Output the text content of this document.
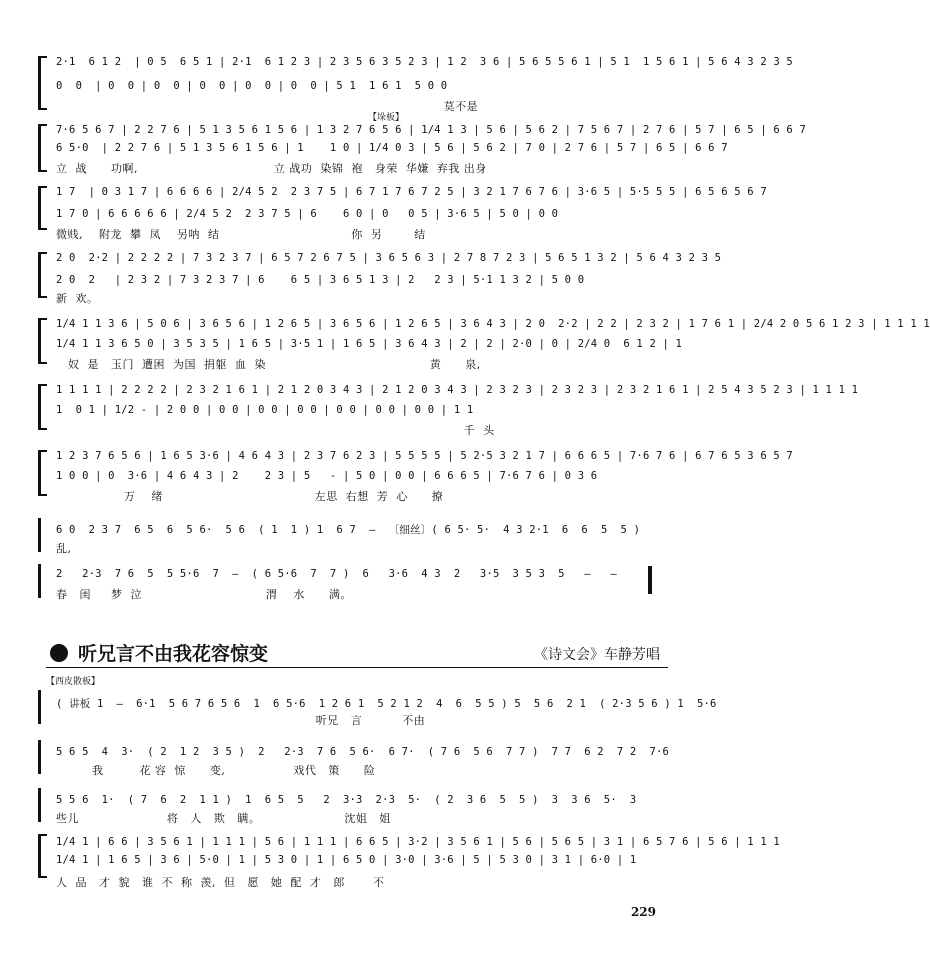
2·1  6 1 2  | 0 5  6 5 1 | 2·1  6 1 2 3 | 2 3 5 6 3 5 2 3 | 1 2  3 6 | 5 6 5 5 6 1 | 5 1  1 5 6 1 | 5 6 4 3 2 3 5
0  0  | 0  0 | 0  0 | 0  0 | 0  0 | 0  0 | 5 1  1 6 1  5 0 0
莫不是
【垛板】
7·6 5 6 7 | 2 2 7 6 | 5 1 3 5 6 1 5 6 | 1 3 2 7 6 5 6 | 1/4 1 3 | 5 6 | 5 6 2 | 7 5 6 7 | 2 7 6 | 5 7 | 6 5 | 6 6 7
6 5·0  | 2 2 7 6 | 5 1 3 5 6 1 5 6 | 1    1 0 | 1/4 0 3 | 5 6 | 5 6 2 | 7 0 | 2 7 6 | 5 7 | 6 5 | 6 6 7
立  战      功啊,                                  立 战功  染锦  袍   身荣  华嫌  弃我 出身
1 7  | 0 3 1 7 | 6 6 6 6 | 2/4 5 2  2 3 7 5 | 6 7 1 7 6 7 2 5 | 3 2 1 7 6 7 6 | 3·6 5 | 5·5 5 5 | 6 5 6 5 6 7
1 7 0 | 6 6 6 6 6 | 2/4 5 2  2 3 7 5 | 6    6 0 | 0   0 5 | 3·6 5 | 5 0 | 0 0
微贱,    附龙  攀  凤    另呐  结                                 你  另        结
2 0  2·2 | 2 2 2 2 | 7 3 2 3 7 | 6 5 7 2 6 7 5 | 3 6 5 6 3 | 2 7 8 7 2 3 | 5 6 5 1 3 2 | 5 6 4 3 2 3 5
2 0  2   | 2 3 2 | 7 3 2 3 7 | 6    6 5 | 3 6 5 1 3 | 2   2 3 | 5·1 1 3 2 | 5 0 0
新  欢。
1/4 1 1 3 6 | 5 0 6 | 3 6 5 6 | 1 2 6 5 | 3 6 5 6 | 1 2 6 5 | 3 6 4 3 | 2 0  2·2 | 2 2 | 2 3 2 | 1 7 6 1 | 2/4 2 0 5 6 1 2 3 | 1 1 1 1
1/4 1 1 3 6 5 0 | 3 5 3 5 | 1 6 5 | 3·5 1 | 1 6 5 | 3 6 4 3 | 2 | 2 | 2·0 | 0 | 2/4 0  6 1 2 | 1
奴  是   玉门  遭困  为国  捐躯  血  染                                         黄      泉,
1 1 1 1 | 2 2 2 2 | 2 3 2 1 6 1 | 2 1 2 0 3 4 3 | 2 1 2 0 3 4 3 | 2 3 2 3 | 2 3 2 3 | 2 3 2 1 6 1 | 2 5 4 3 5 2 3 | 1 1 1 1
1  0 1 | 1/2 - | 2 0 0 | 0 0 | 0 0 | 0 0 | 0 0 | 0 0 | 0 0 | 1 1
千  头
1 2 3 7 6 5 6 | 1 6 5 3·6 | 4 6 4 3 | 2 3 7 6 2 3 | 5 5 5 5 | 5 2·5 3 2 1 7 | 6 6 6 5 | 7·6 7 6 | 6 7 6 5 3 6 5 7
1 0 0 | 0  3·6 | 4 6 4 3 | 2    2 3 | 5   - | 5 0 | 0 0 | 6 6 6 5 | 7·6 7 6 | 0 3 6
万    绪                                      左思  右想  芳  心      撩
6 0  2 3 7  6 5  6  5 6·  5 6  ( 1  1 ) 1  6 7  —  〔细丝〕( 6 5· 5·  4 3 2·1  6  6  5  5 )
乱,
2   2·3  7 6  5  5 5·6  7  —  ( 6 5·6  7  7 )  6   3·6  4 3  2   3·5  3 5 3  5   —   —
春   闺     梦  泣                               渭    水      满。
听兄言不由我花容惊变	《诗文会》车静芳唱
【西皮散板】
( 讲板 1  —  6·1  5 6 7 6 5 6  1  6 5·6  1 2 6 1  5 2 1 2  4  6  5 5 ) 5  5 6  2 1  ( 2·3 5 6 ) 1  5·6
听兄   言          不由
5 6 5  4  3·  ( 2  1 2  3 5 )  2   2·3  7 6  5 6·  6 7·  ( 7 6  5 6  7 7 )  7 7  6 2  7 2  7·6
我         花 容  惊      变,                 戏代   策      险
5 5 6  1·  ( 7  6  2  1 1 )  1  6 5  5   2  3·3  2·3  5·  ( 2  3 6  5  5 )  3  3 6  5·  3
些儿                      将   人   欺   瞒。                     沈姐   姐
1/4 1 | 6 6 | 3 5 6 1 | 1 1 1 | 5 6 | 1 1 1 | 6 6 5 | 3·2 | 3 5 6 1 | 5 6 | 5 6 5 | 3 1 | 6 5 7 6 | 5 6 | 1 1 1
1/4 1 | 1 6 5 | 3 6 | 5·0 | 1 | 5 3 0 | 1 | 6 5 0 | 3·0 | 3·6 | 5 | 5 3 0 | 3 1 | 6·0 | 1
人  品   才  貌   谁  不  称  羡,  但   愿   她  配  才   郎       不
229
